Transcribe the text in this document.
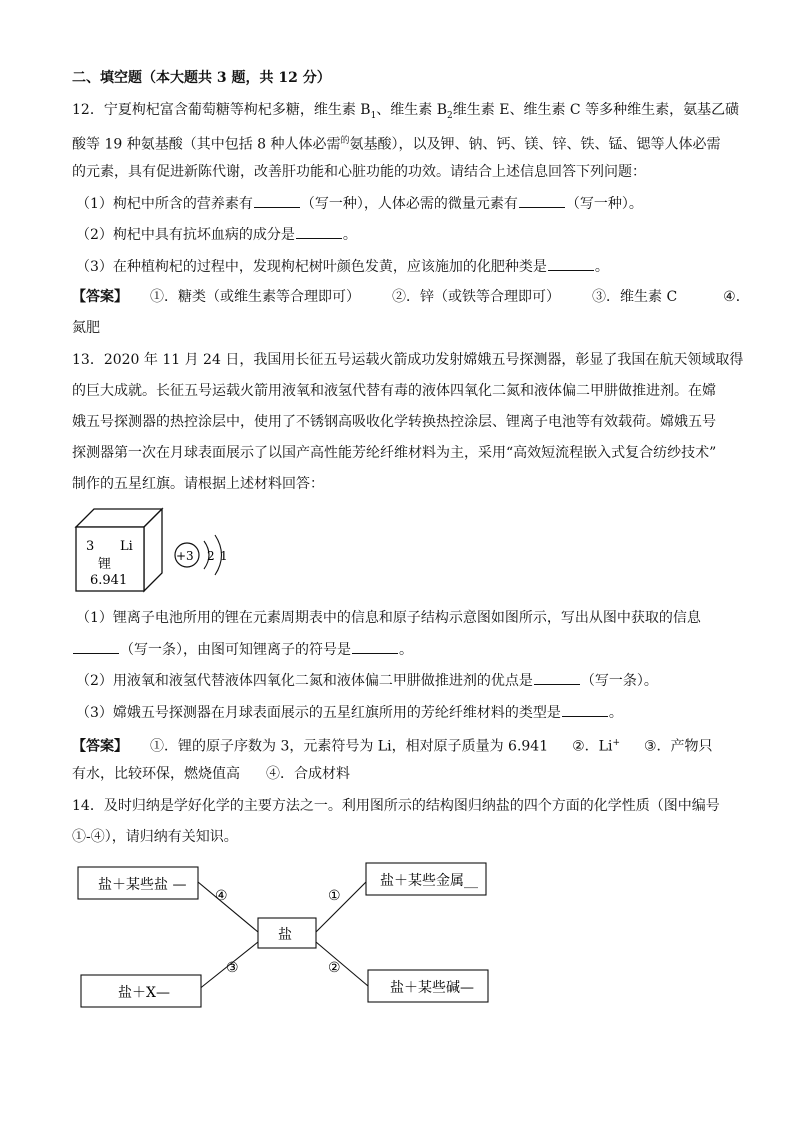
二、填空题（本大题共 3 题，共 12 分）
12．宁夏枸杞富含葡萄糖等枸杞多糖，维生素 $B_1$、维生素 $B_2$维生素 E、维生素 C 等多种维生素，氨基乙磺
酸等 19 种氨基酸（其中包括 8 种人体必需$^的$氨基酸），以及钾、钠、钙、镁、锌、铁、锰、锶等人体必需
的元素，具有促进新陈代谢，改善肝功能和心脏功能的功效。请结合上述信息回答下列问题：
（1）枸杞中所含的营养素有	（写一种），人体必需的微量元素有	（写一种）。
（2）枸杞中具有抗坏血病的成分是	。
（3）在种植枸杞的过程中，发现枸杞树叶颜色发黄，应该施加的化肥种类是	。
【答案】 ①．糖类（或维生素等合理即可） ②．锌（或铁等合理即可） ③．维生素 C	④．
氮肥
13．2020 年 11 月 24 日，我国用长征五号运载火箭成功发射嫦娥五号探测器，彰显了我国在航天领域取得
的巨大成就。长征五号运载火箭用液氧和液氢代替有毒的液体四氧化二氮和液体偏二甲肼做推进剂。在嫦
娥五号探测器的热控涂层中，使用了不锈钢高吸收化学转换热控涂层、锂离子电池等有效载荷。嫦娥五号
探测器第一次在月球表面展示了以国产高性能芳纶纤维材料为主，采用“高效短流程嵌入式复合纺纱技术”
制作的五星红旗。请根据上述材料回答：
3 Li
锂
6.941
+3 2 1
（1）锂离子电池所用的锂在元素周期表中的信息和原子结构示意图如图所示，写出从图中获取的信息
（写一条），由图可知锂离子的符号是	。
（2）用液氧和液氢代替液体四氧化二氮和液体偏二甲肼做推进剂的优点是	（写一条）。
（3）嫦娥五号探测器在月球表面展示的五星红旗所用的芳纶纤维材料的类型是	。
【答案】 ①．锂的原子序数为 3，元素符号为 Li，相对原子质量为 6.941 ②．Li+ ③．产物只
有水，比较环保，燃烧值高 ④．合成材料
14．及时归纳是学好化学的主要方法之一。利用图所示的结构图归纳盐的四个方面的化学性质（图中编号
①-④），请归纳有关知识。
盐＋某些盐 —
盐＋X—
盐
盐＋某些金属__
盐＋某些碱—
④
③
①
②
